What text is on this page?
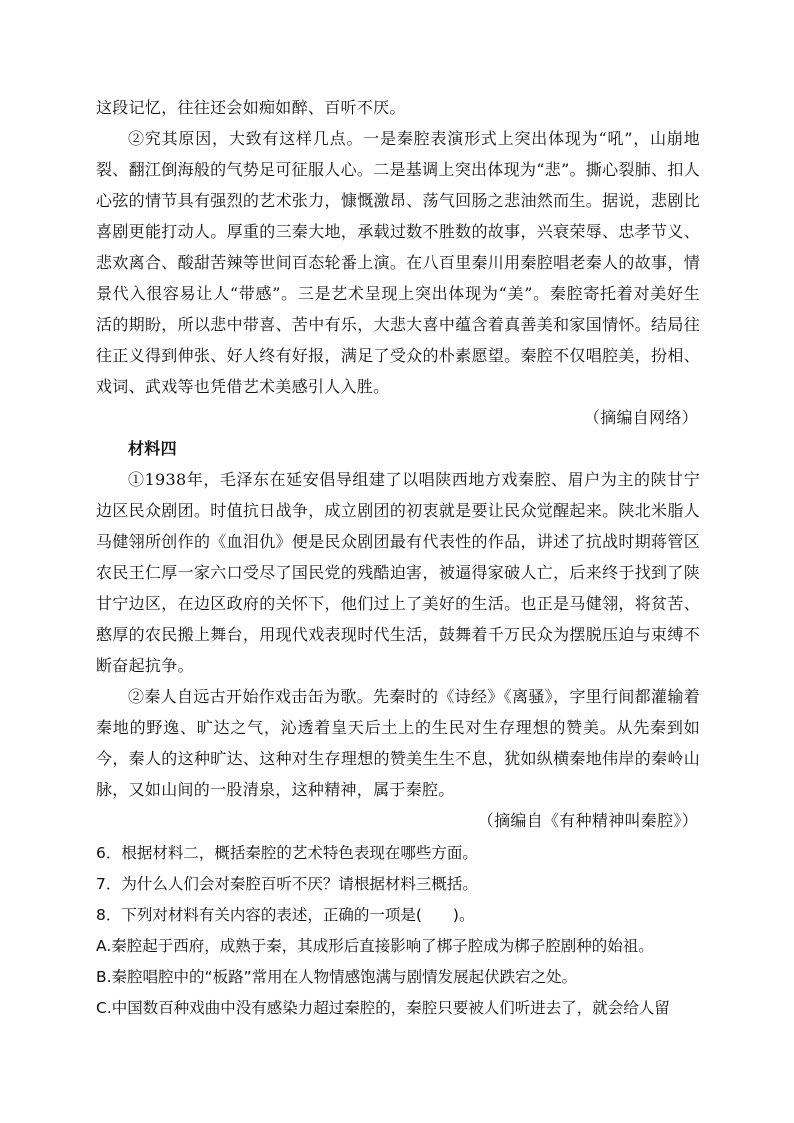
这段记忆，往往还会如痴如醉、百听不厌。

②究其原因，大致有这样几点。一是秦腔表演形式上突出体现为“吼”，山崩地裂、翻江倒海般的气势足可征服人心。二是基调上突出体现为“悲”。撕心裂肺、扣人心弦的情节具有强烈的艺术张力，慷慨激昂、荡气回肠之悲油然而生。据说，悲剧比喜剧更能打动人。厚重的三秦大地，承载过数不胜数的故事，兴衰荣辱、忠孝节义、悲欢离合、酸甜苦辣等世间百态轮番上演。在八百里秦川用秦腔唱老秦人的故事，情景代入很容易让人“带感”。三是艺术呈现上突出体现为“美”。秦腔寄托着对美好生活的期盼，所以悲中带喜、苦中有乐，大悲大喜中蕴含着真善美和家国情怀。结局往往正义得到伸张、好人终有好报，满足了受众的朴素愿望。秦腔不仅唱腔美，扮相、戏词、武戏等也凭借艺术美感引人入胜。

（摘编自网络）

材料四

①1938年，毛泽东在延安倡导组建了以唱陕西地方戏秦腔、眉户为主的陕甘宁边区民众剧团。时值抗日战争，成立剧团的初衷就是要让民众觉醒起来。陕北米脂人马健翎所创作的《血泪仇》便是民众剧团最有代表性的作品，讲述了抗战时期蒋管区农民王仁厚一家六口受尽了国民党的残酷迫害，被逼得家破人亡，后来终于找到了陕甘宁边区，在边区政府的关怀下，他们过上了美好的生活。也正是马健翎，将贫苦、憨厚的农民搬上舞台，用现代戏表现时代生活，鼓舞着千万民众为摆脱压迫与束缚不断奋起抗争。

②秦人自远古开始作戏击缶为歌。先秦时的《诗经》《离骚》，字里行间都灌输着秦地的野逸、旷达之气，沁透着皇天后土上的生民对生存理想的赞美。从先秦到如今，秦人的这种旷达、这种对生存理想的赞美生生不息，犹如纵横秦地伟岸的秦岭山脉，又如山间的一股清泉，这种精神，属于秦腔。

（摘编自《有种精神叫秦腔》）

6．根据材料二，概括秦腔的艺术特色表现在哪些方面。

7．为什么人们会对秦腔百听不厌？请根据材料三概括。

8．下列对材料有关内容的表述，正确的一项是(　　)。

A.秦腔起于西府，成熟于秦，其成形后直接影响了梆子腔成为梆子腔剧种的始祖。

B.秦腔唱腔中的“板路”常用在人物情感饱满与剧情发展起伏跌宕之处。

C.中国数百种戏曲中没有感染力超过秦腔的，秦腔只要被人们听进去了，就会给人留
